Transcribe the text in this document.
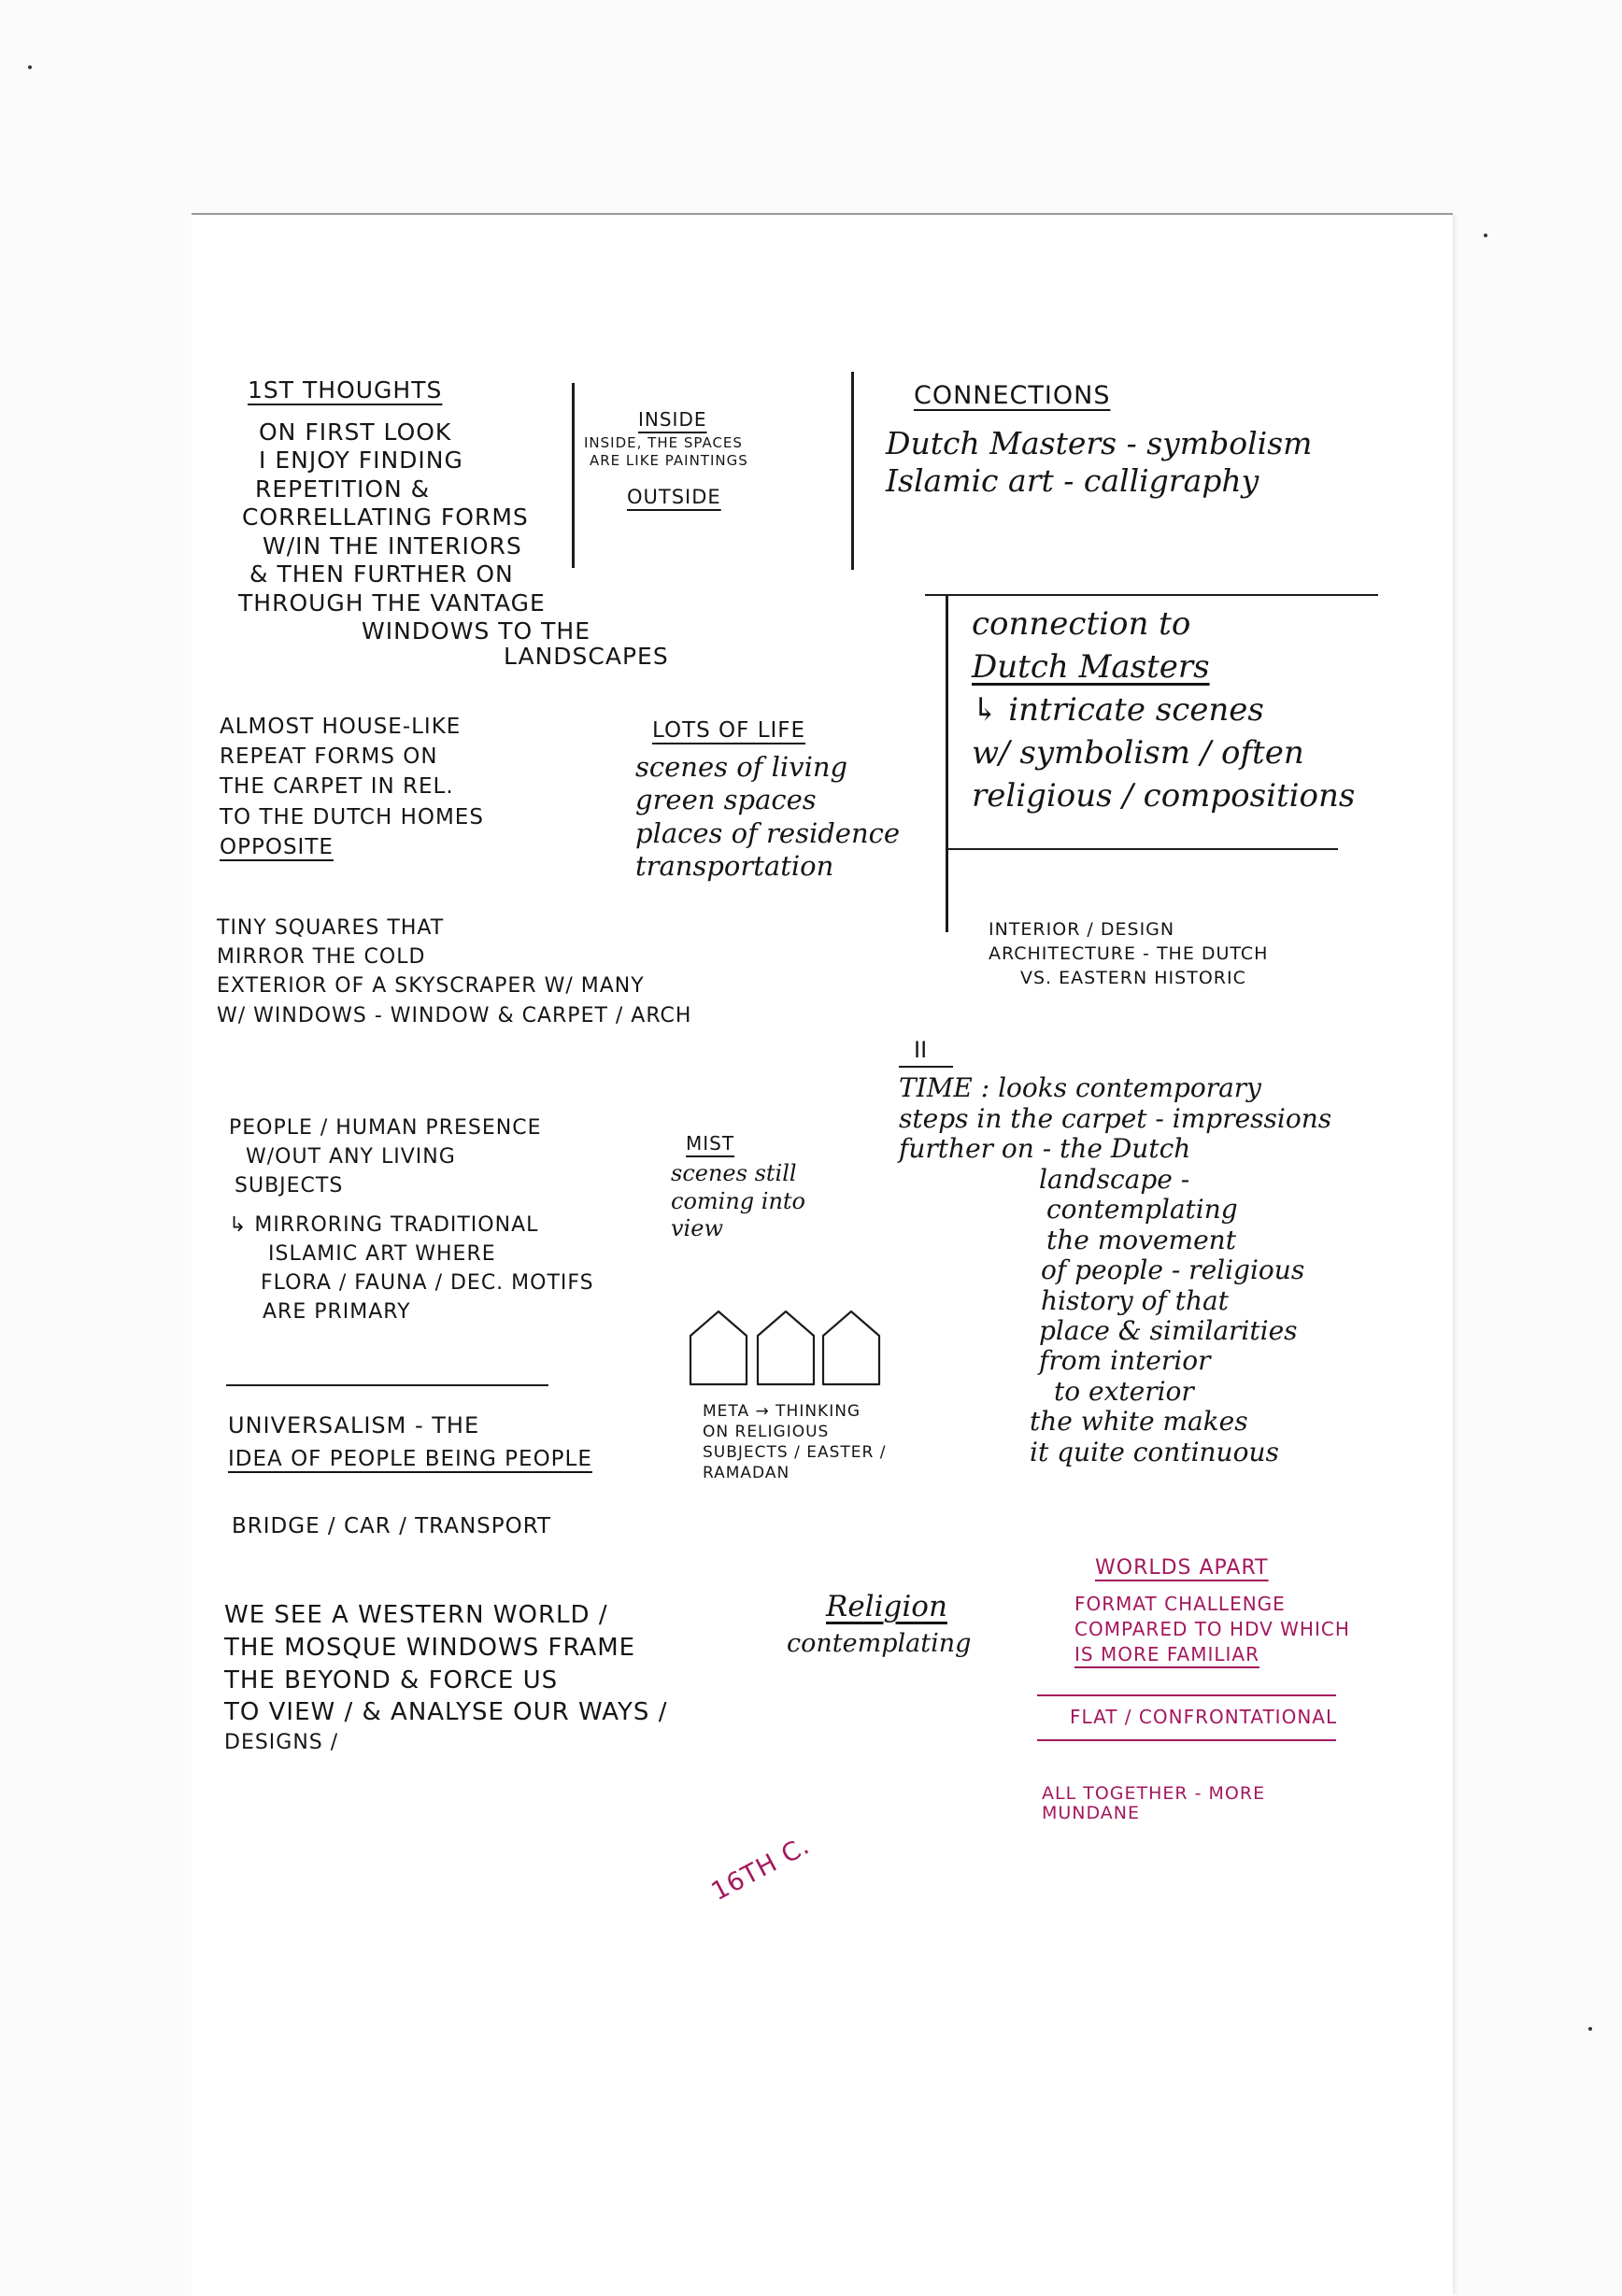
1ST THOUGHTS
ON FIRST LOOK
I ENJOY FINDING
REPETITION &
CORRELLATING FORMS
W/IN THE INTERIORS
& THEN FURTHER ON
THROUGH THE VANTAGE
WINDOWS TO THE
LANDSCAPES
INSIDE
INSIDE, THE SPACES
ARE LIKE PAINTINGS
OUTSIDE
CONNECTIONS
Dutch Masters - symbolism
Islamic art - calligraphy
connection to
Dutch Masters
↳ intricate scenes
w/ symbolism / often
religious / compositions
ALMOST HOUSE-LIKE
REPEAT FORMS ON
THE CARPET IN REL.
TO THE DUTCH HOMES
OPPOSITE
LOTS OF LIFE
scenes of living
green spaces
places of residence
transportation
TINY SQUARES THAT
MIRROR THE COLD
EXTERIOR OF A SKYSCRAPER W/ MANY
W/ WINDOWS - WINDOW & CARPET / ARCH
INTERIOR / DESIGN
ARCHITECTURE - THE DUTCH
VS. EASTERN HISTORIC
PEOPLE / HUMAN PRESENCE
W/OUT ANY LIVING
SUBJECTS
↳ MIRRORING TRADITIONAL
ISLAMIC ART WHERE
FLORA / FAUNA / DEC. MOTIFS
ARE PRIMARY
MIST
scenes still
coming into
view
II
TIME : looks contemporary
steps in the carpet - impressions
further on - the Dutch
landscape -
contemplating
the movement
of people - religious
history of that
place & similarities
from interior
to exterior
the white makes
it quite continuous
META → THINKING
ON RELIGIOUS
SUBJECTS / EASTER /
RAMADAN
UNIVERSALISM - THE
IDEA OF PEOPLE BEING PEOPLE
BRIDGE / CAR / TRANSPORT
WE SEE A WESTERN WORLD /
THE MOSQUE WINDOWS FRAME
THE BEYOND & FORCE US
TO VIEW / & ANALYSE OUR WAYS /
DESIGNS /
Religion
contemplating
WORLDS APART
FORMAT CHALLENGE
COMPARED TO HDV WHICH
IS MORE FAMILIAR
FLAT / CONFRONTATIONAL
ALL TOGETHER - MORE
MUNDANE
16TH C.
